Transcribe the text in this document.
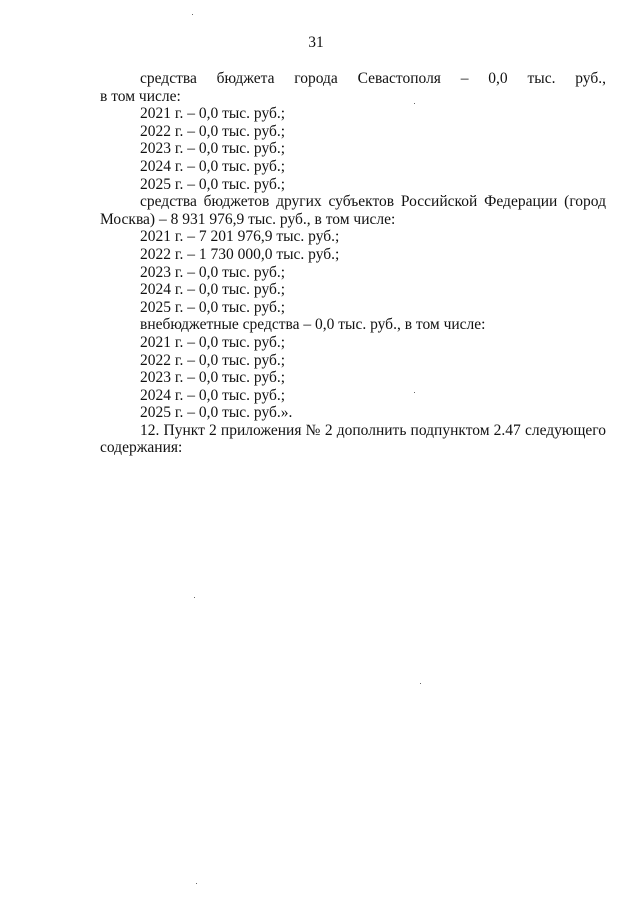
31

средства бюджета города Севастополя – 0,0 тыс. руб.,

в том числе:

2021 г. – 0,0 тыс. руб.;

2022 г. – 0,0 тыс. руб.;

2023 г. – 0,0 тыс. руб.;

2024 г. – 0,0 тыс. руб.;

2025 г. – 0,0 тыс. руб.;

средства бюджетов других субъектов Российской Федерации (город Москва) – 8 931 976,9 тыс. руб., в том числе:

2021 г. – 7 201 976,9 тыс. руб.;

2022 г. – 1 730 000,0 тыс. руб.;

2023 г. – 0,0 тыс. руб.;

2024 г. – 0,0 тыс. руб.;

2025 г. – 0,0 тыс. руб.;

внебюджетные средства – 0,0 тыс. руб., в том числе:

2021 г. – 0,0 тыс. руб.;

2022 г. – 0,0 тыс. руб.;

2023 г. – 0,0 тыс. руб.;

2024 г. – 0,0 тыс. руб.;

2025 г. – 0,0 тыс. руб.».

12. Пункт 2 приложения № 2 дополнить подпунктом 2.47 следующего содержания:
